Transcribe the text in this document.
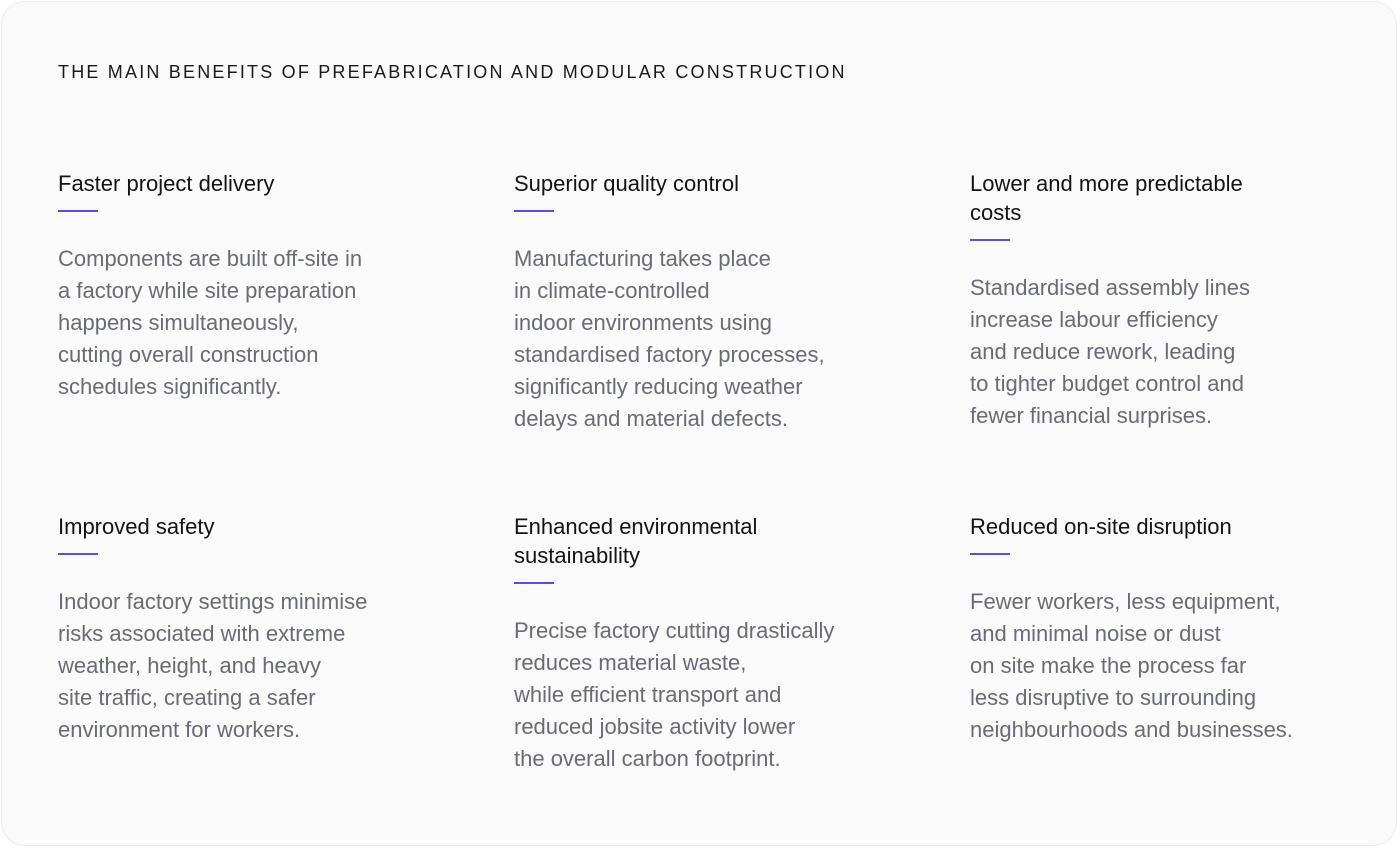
THE MAIN BENEFITS OF PREFABRICATION AND MODULAR CONSTRUCTION
Faster project delivery
Components are built off-site in
a factory while site preparation
happens simultaneously,
cutting overall construction
schedules significantly.
Superior quality control
Manufacturing takes place
in climate-controlled
indoor environments using
standardised factory processes,
significantly reducing weather
delays and material defects.
Lower and more predictable
costs
Standardised assembly lines
increase labour efficiency
and reduce rework, leading
to tighter budget control and
fewer financial surprises.
Improved safety
Indoor factory settings minimise
risks associated with extreme
weather, height, and heavy
site traffic, creating a safer
environment for workers.
Enhanced environmental
sustainability
Precise factory cutting drastically
reduces material waste,
while efficient transport and
reduced jobsite activity lower
the overall carbon footprint.
Reduced on-site disruption
Fewer workers, less equipment,
and minimal noise or dust
on site make the process far
less disruptive to surrounding
neighbourhoods and businesses.
